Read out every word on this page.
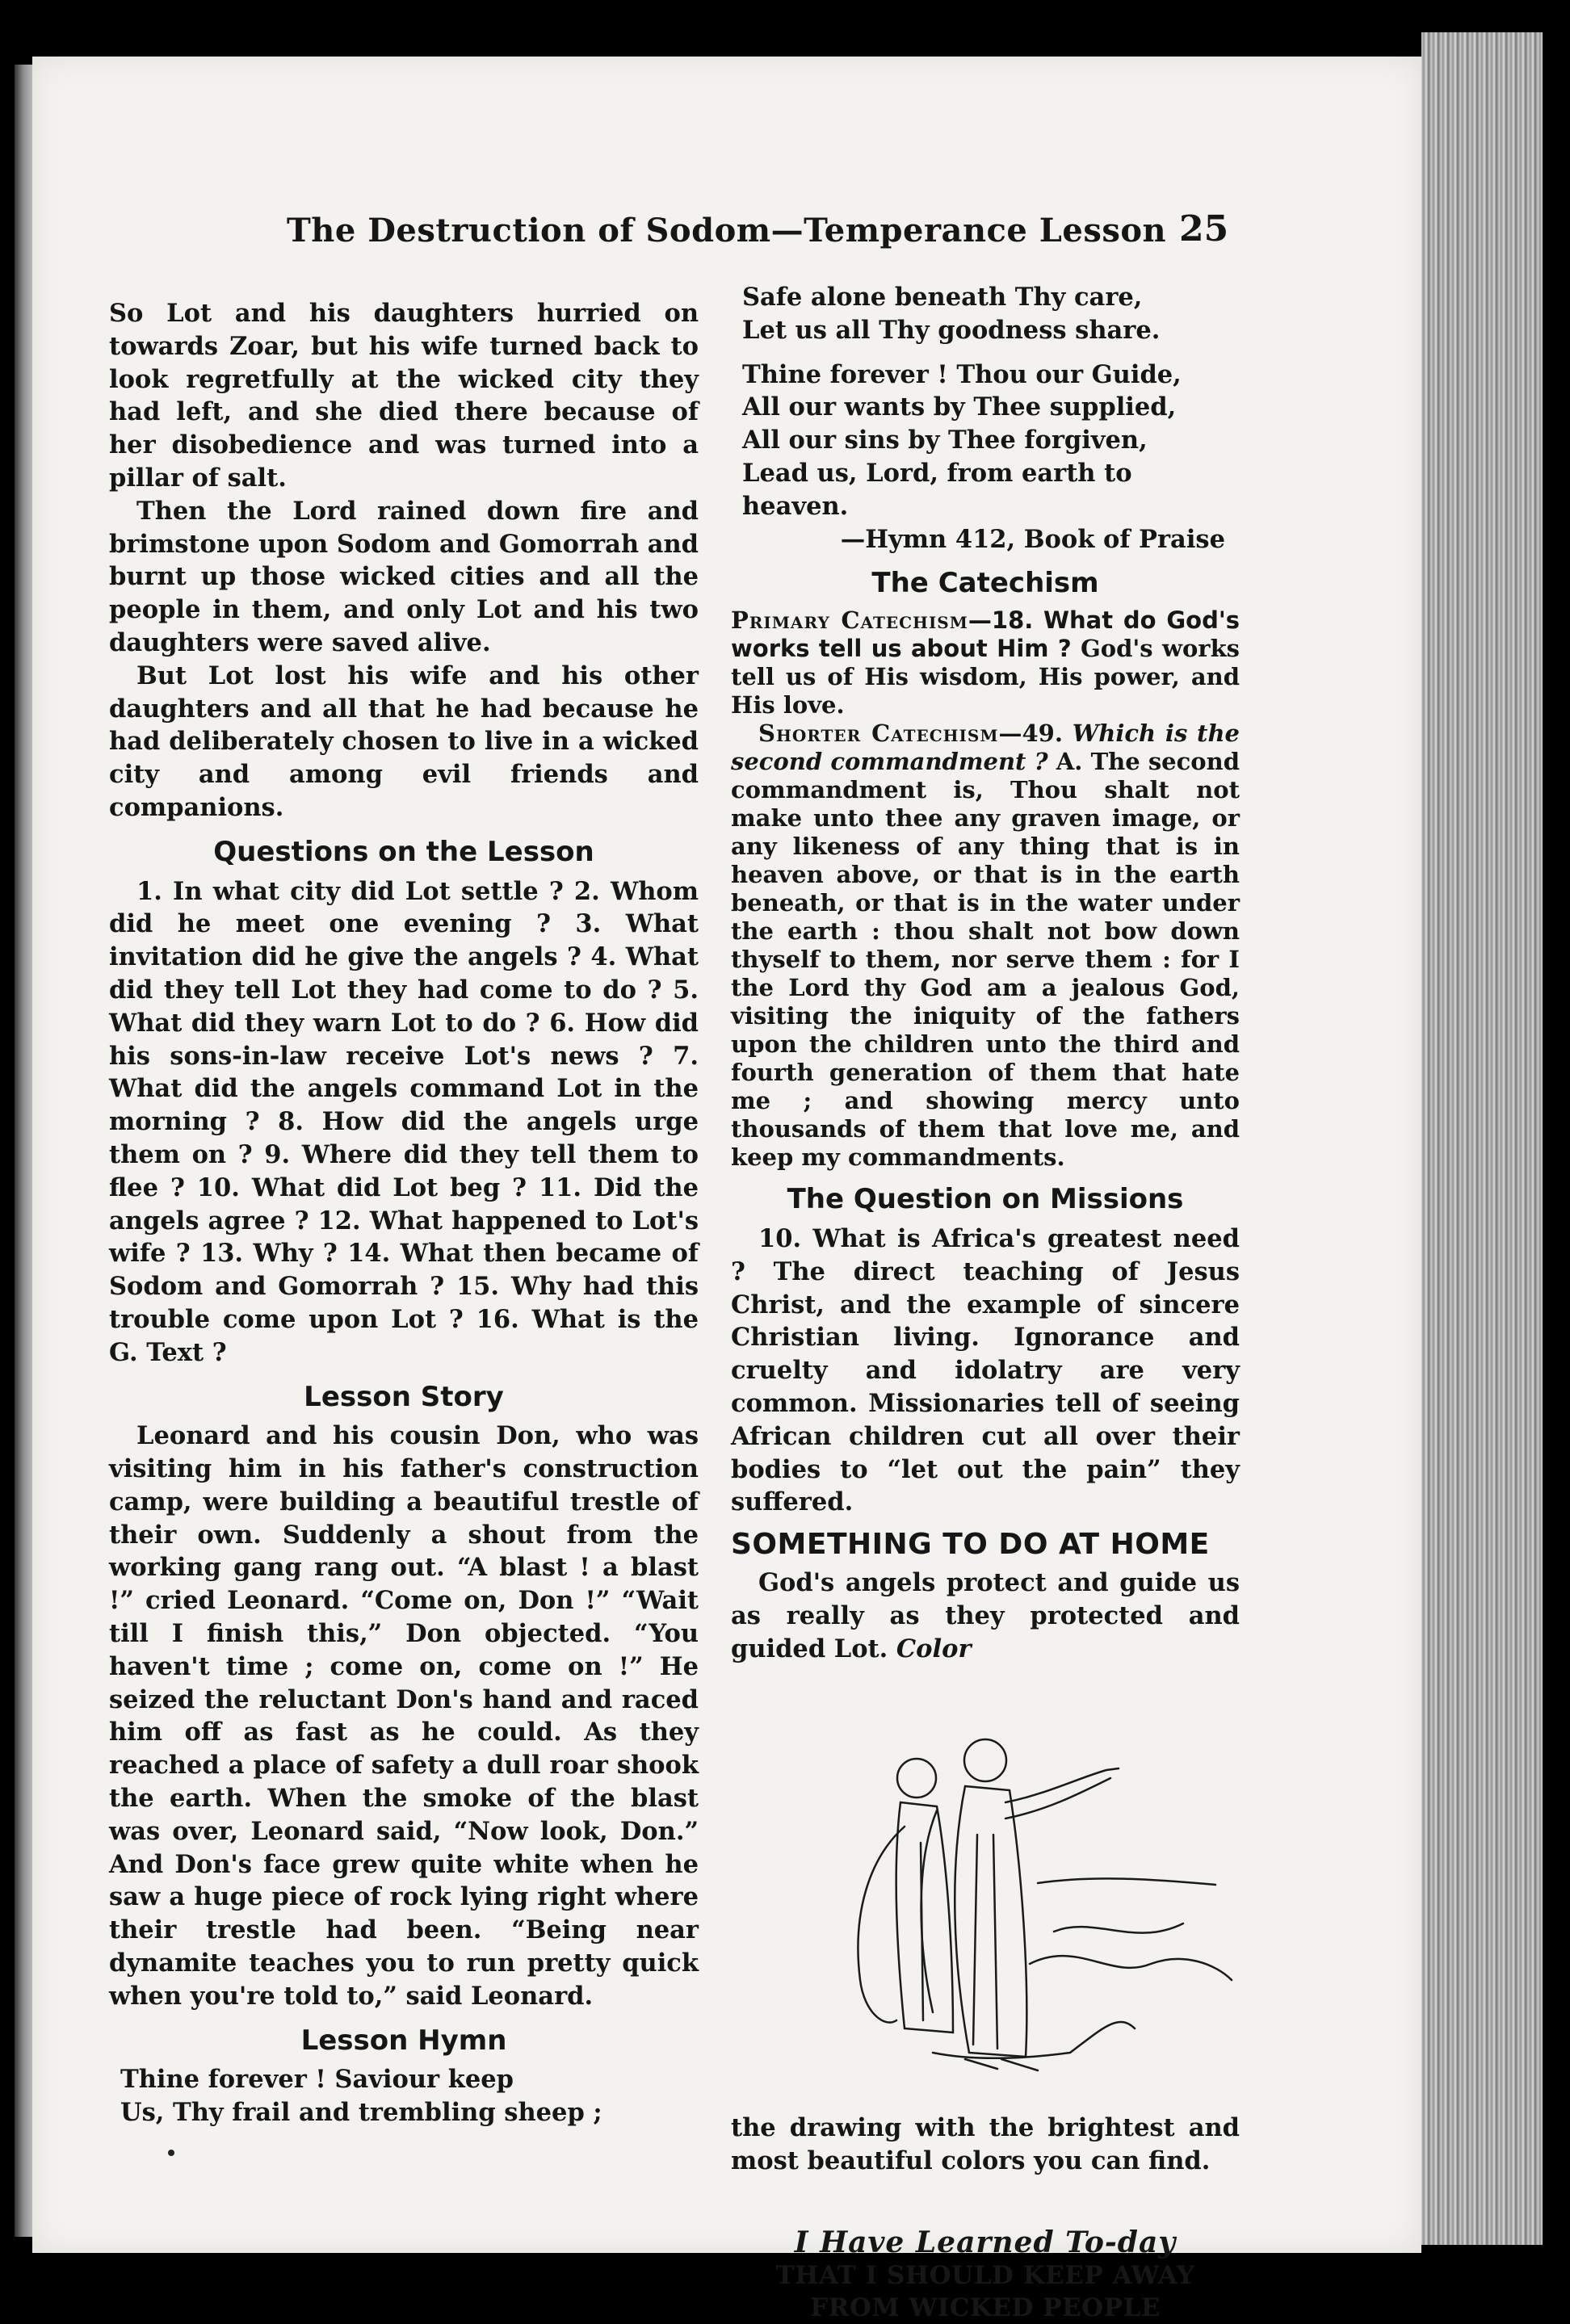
The Destruction of Sodom—Temperance Lesson 25

So Lot and his daughters hurried on towards Zoar, but his wife turned back to look regretfully at the wicked city they had left, and she died there because of her disobedience and was turned into a pillar of salt.

Then the Lord rained down fire and brimstone upon Sodom and Gomorrah and burnt up those wicked cities and all the people in them, and only Lot and his two daughters were saved alive.

But Lot lost his wife and his other daughters and all that he had because he had deliberately chosen to live in a wicked city and among evil friends and companions.

Questions on the Lesson

1. In what city did Lot settle ? 2. Whom did he meet one evening ? 3. What invitation did he give the angels ? 4. What did they tell Lot they had come to do ? 5. What did they warn Lot to do ? 6. How did his sons-in-law receive Lot's news ? 7. What did the angels command Lot in the morning ? 8. How did the angels urge them on ? 9. Where did they tell them to flee ? 10. What did Lot beg ? 11. Did the angels agree ? 12. What happened to Lot's wife ? 13. Why ? 14. What then became of Sodom and Gomorrah ? 15. Why had this trouble come upon Lot ? 16. What is the G. Text ?

Lesson Story

Leonard and his cousin Don, who was visiting him in his father's construction camp, were building a beautiful trestle of their own. Suddenly a shout from the working gang rang out. “A blast ! a blast !” cried Leonard. “Come on, Don !” “Wait till I finish this,” Don objected. “You haven't time ; come on, come on !” He seized the reluctant Don's hand and raced him off as fast as he could. As they reached a place of safety a dull roar shook the earth. When the smoke of the blast was over, Leonard said, “Now look, Don.” And Don's face grew quite white when he saw a huge piece of rock lying right where their trestle had been. “Being near dynamite teaches you to run pretty quick when you're told to,” said Leonard.

Lesson Hymn

Thine forever ! Saviour keep
Us, Thy frail and trembling sheep ;

Safe alone beneath Thy care,
Let us all Thy goodness share.

Thine forever ! Thou our Guide,
All our wants by Thee supplied,
All our sins by Thee forgiven,
Lead us, Lord, from earth to heaven.

—Hymn 412, Book of Praise

The Catechism

Primary Catechism—18. What do God's works tell us about Him ? God's works tell us of His wisdom, His power, and His love.

Shorter Catechism—49. Which is the second commandment ? A. The second commandment is, Thou shalt not make unto thee any graven image, or any likeness of any thing that is in heaven above, or that is in the earth beneath, or that is in the water under the earth : thou shalt not bow down thyself to them, nor serve them : for I the Lord thy God am a jealous God, visiting the iniquity of the fathers upon the children unto the third and fourth generation of them that hate me ; and showing mercy unto thousands of them that love me, and keep my commandments.

The Question on Missions

10. What is Africa's greatest need ? The direct teaching of Jesus Christ, and the example of sincere Christian living. Ignorance and cruelty and idolatry are very common. Missionaries tell of seeing African children cut all over their bodies to “let out the pain” they suffered.

SOMETHING TO DO AT HOME

God's angels protect and guide us as really as they protected and guided Lot. Color

the drawing with the brightest and most beautiful colors you can find.

I Have Learned To-day
THAT I SHOULD KEEP AWAY FROM WICKED PEOPLE
